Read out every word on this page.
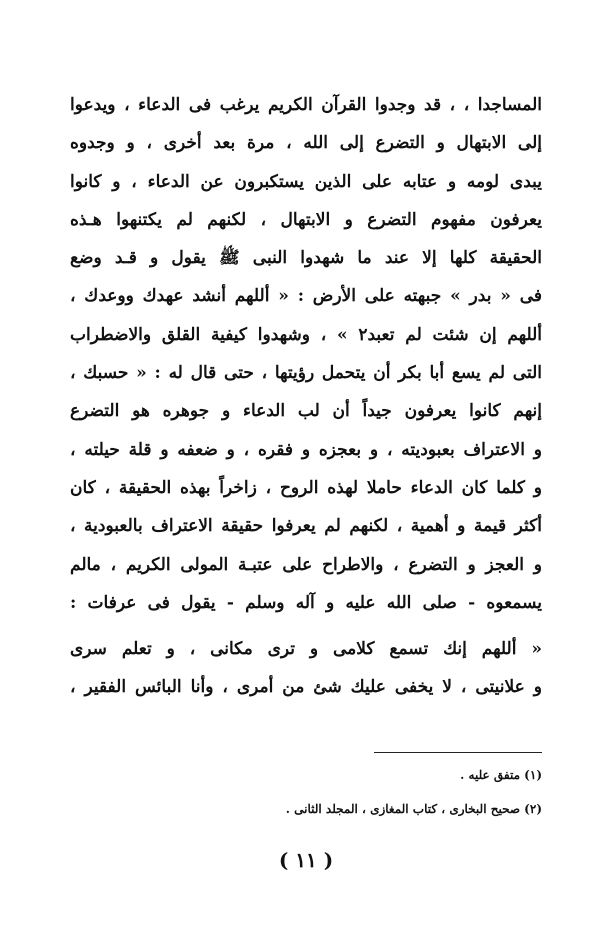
المساجدا ، ، قد وجدوا القرآن الكريم يرغب فى الدعاء ، ويدعوا
إلى الابتهال و التضرع إلى الله ، مرة بعد أخرى ، و وجدوه
يبدى لومه و عتابه على الذين يستكبرون عن الدعاء ، و كانوا
يعرفون مفهوم التضرع و الابتهال ، لكنهم لم يكتنهوا هـذه
الحقيقة كلها إلا عند ما شهدوا النبى ﷺ يقول و قـد وضع
فى « بدر » جبهته على الأرض : « أللهم أنشد عهدك ووعدك ،
أللهم إن شئت لم تعبد٢ » ، وشهدوا كيفية القلق والاضطراب
التى لم يسع أبا بكر أن يتحمل رؤيتها ، حتى قال له : « حسبك ،
إنهم كانوا يعرفون جيداً أن لب الدعاء و جوهره هو التضرع
و الاعتراف بعبوديته ، و بعجزه و فقره ، و ضعفه و قلة حيلته ،
و كلما كان الدعاء حاملا لهذه الروح ، زاخراً بهذه الحقيقة ، كان
أكثر قيمة و أهمية ، لكنهم لم يعرفوا حقيقة الاعتراف بالعبودية ،
و العجز و التضرع ، والاطراح على عتبـة المولى الكريم ، مالم
يسمعوه - صلى الله عليه و آله وسلم - يقول فى عرفات :
« أللهم إنك تسمع كلامى و ترى مكانى ، و تعلم سرى
و علانيتى ، لا يخفى عليك شئ من أمرى ، وأنا البائس الفقير ،
(١) متفق عليه .
(٢) صحيح البخارى ، كتاب المغازى ، المجلد الثانى .
( ١١ )
